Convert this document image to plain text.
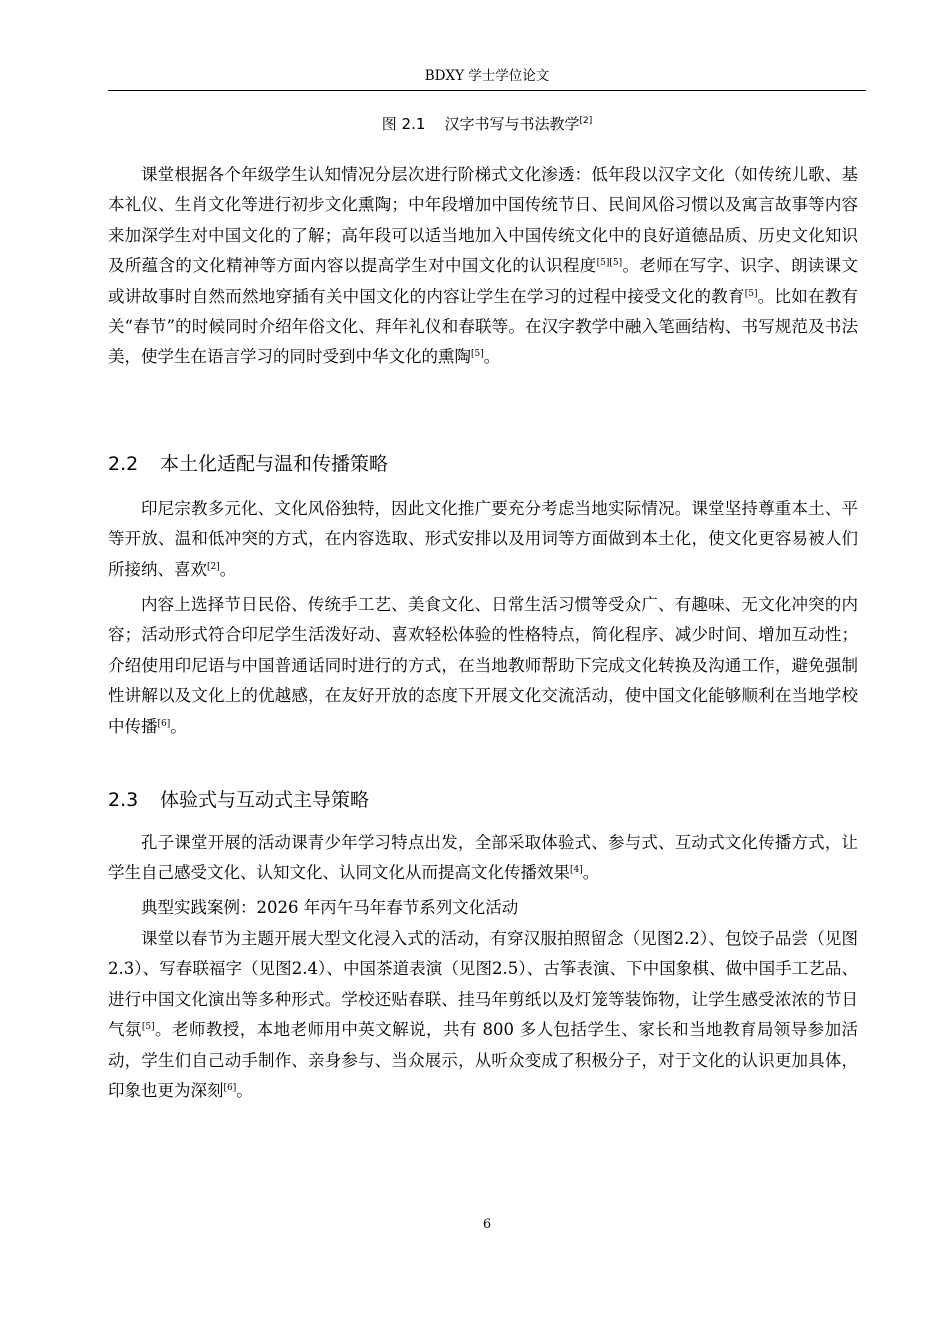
BDXY 学士学位论文
图 2.1 汉字书写与书法教学[2]
课堂根据各个年级学生认知情况分层次进行阶梯式文化渗透：低年段以汉字文化（如传统儿歌、基本礼仪、生肖文化等进行初步文化熏陶；中年段增加中国传统节日、民间风俗习惯以及寓言故事等内容来加深学生对中国文化的了解；高年段可以适当地加入中国传统文化中的良好道德品质、历史文化知识及所蕴含的文化精神等方面内容以提高学生对中国文化的认识程度[5][5]。老师在写字、识字、朗读课文或讲故事时自然而然地穿插有关中国文化的内容让学生在学习的过程中接受文化的教育[5]。比如在教有关“春节”的时候同时介绍年俗文化、拜年礼仪和春联等。在汉字教学中融入笔画结构、书写规范及书法美，使学生在语言学习的同时受到中华文化的熏陶[5]。
2.2 本土化适配与温和传播策略
印尼宗教多元化、文化风俗独特，因此文化推广要充分考虑当地实际情况。课堂坚持尊重本土、平等开放、温和低冲突的方式，在内容选取、形式安排以及用词等方面做到本土化，使文化更容易被人们所接纳、喜欢[2]。
内容上选择节日民俗、传统手工艺、美食文化、日常生活习惯等受众广、有趣味、无文化冲突的内容；活动形式符合印尼学生活泼好动、喜欢轻松体验的性格特点，简化程序、减少时间、增加互动性；介绍使用印尼语与中国普通话同时进行的方式，在当地教师帮助下完成文化转换及沟通工作，避免强制性讲解以及文化上的优越感，在友好开放的态度下开展文化交流活动，使中国文化能够顺利在当地学校中传播[6]。
2.3 体验式与互动式主导策略
孔子课堂开展的活动课青少年学习特点出发，全部采取体验式、参与式、互动式文化传播方式，让学生自己感受文化、认知文化、认同文化从而提高文化传播效果[4]。
典型实践案例：2026 年丙午马年春节系列文化活动
课堂以春节为主题开展大型文化浸入式的活动，有穿汉服拍照留念（见图2.2）、包饺子品尝（见图2.3）、写春联福字（见图2.4）、中国茶道表演（见图2.5）、古筝表演、下中国象棋、做中国手工艺品、进行中国文化演出等多种形式。学校还贴春联、挂马年剪纸以及灯笼等装饰物，让学生感受浓浓的节日气氛[5]。老师教授，本地老师用中英文解说，共有 800 多人包括学生、家长和当地教育局领导参加活动，学生们自己动手制作、亲身参与、当众展示，从听众变成了积极分子，对于文化的认识更加具体，印象也更为深刻[6]。
6
